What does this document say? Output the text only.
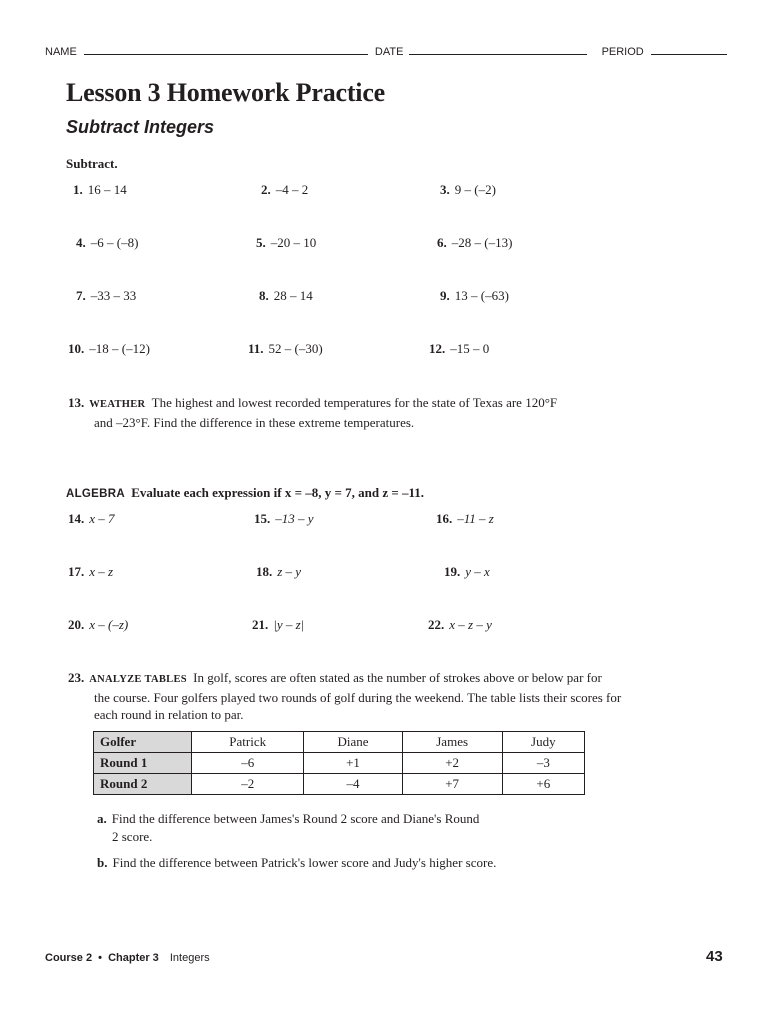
NAME	DATE	PERIOD
Lesson 3 Homework Practice
Subtract Integers
Subtract.
1. 16 – 14	2. –4 – 2	3. 9 – (–2)
4. –6 – (–8)	5. –20 – 10	6. –28 – (–13)
7. –33 – 33	8. 28 – 14	9. 13 – (–63)
10. –18 – (–12)	11. 52 – (–30)	12. –15 – 0
13. WEATHER The highest and lowest recorded temperatures for the state of Texas are 120°F
and –23°F. Find the difference in these extreme temperatures.
ALGEBRA Evaluate each expression if x = –8, y = 7, and z = –11.
14. x – 7	15. –13 – y	16. –11 – z
17. x – z	18. z – y	19. y – x
20. x – (–z)	21. |y – z|	22. x – z – y
23. ANALYZE TABLES In golf, scores are often stated as the number of strokes above or below par for
the course. Four golfers played two rounds of golf during the weekend. The table lists their scores for
each round in relation to par.
Golfer	Patrick	Diane	James	Judy
Round 1	–6	+1	+2	–3
Round 2	–2	–4	+7	+6
a. Find the difference between James's Round 2 score and Diane's Round
2 score.
b. Find the difference between Patrick's lower score and Judy's higher score.
Course 2 • Chapter 3 Integers	43
